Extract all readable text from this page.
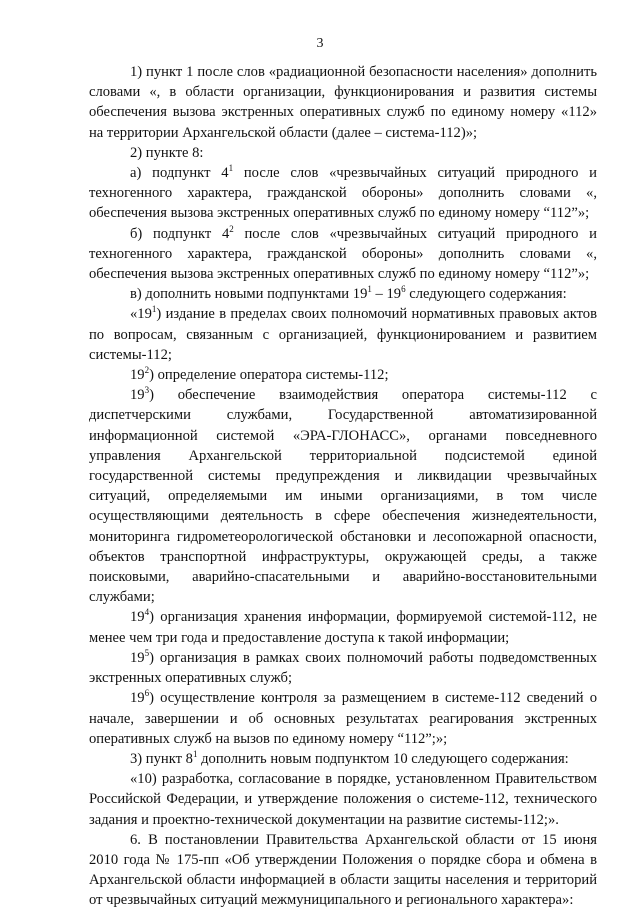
3

1) пункт 1 после слов «радиационной безопасности населения» дополнить словами «, в области организации, функционирования и развития системы обеспечения вызова экстренных оперативных служб по единому номеру «112» на территории Архангельской области (далее – система-112)»;

2) пункте 8:

а) подпункт $4^1$ после слов «чрезвычайных ситуаций природного и техногенного характера, гражданской обороны» дополнить словами «, обеспечения вызова экстренных оперативных служб по единому номеру “112”»;

б) подпункт $4^2$ после слов «чрезвычайных ситуаций природного и техногенного характера, гражданской обороны» дополнить словами «, обеспечения вызова экстренных оперативных служб по единому номеру “112”»;

в) дополнить новыми подпунктами $19^1 - 19^6$ следующего содержания:

«$19^1$) издание в пределах своих полномочий нормативных правовых актов по вопросам, связанным с организацией, функционированием и развитием системы-112;

$19^2$) определение оператора системы-112;

$19^3$) обеспечение взаимодействия оператора системы-112 с диспетчерскими службами, Государственной автоматизированной информационной системой «ЭРА-ГЛОНАСС», органами повседневного управления Архангельской территориальной подсистемой единой государственной системы предупреждения и ликвидации чрезвычайных ситуаций, определяемыми им иными организациями, в том числе осуществляющими деятельность в сфере обеспечения жизнедеятельности, мониторинга гидрометеорологической обстановки и лесопожарной опасности, объектов транспортной инфраструктуры, окружающей среды, а также поисковыми, аварийно-спасательными и аварийно-восстановительными службами;

$19^4$) организация хранения информации, формируемой системой-112, не менее чем три года и предоставление доступа к такой информации;

$19^5$) организация в рамках своих полномочий работы подведомственных экстренных оперативных служб;

$19^6$) осуществление контроля за размещением в системе-112 сведений о начале, завершении и об основных результатах реагирования экстренных оперативных служб на вызов по единому номеру “112”;»;

3) пункт $8^1$ дополнить новым подпунктом 10 следующего содержания:

«10) разработка, согласование в порядке, установленном Правительством Российской Федерации, и утверждение положения о системе-112, технического задания и проектно-технической документации на развитие системы-112;».

6. В постановлении Правительства Архангельской области от 15 июня 2010 года № 175-пп «Об утверждении Положения о порядке сбора и обмена в Архангельской области информацией в области защиты населения и территорий от чрезвычайных ситуаций межмуниципального и регионального характера»:
